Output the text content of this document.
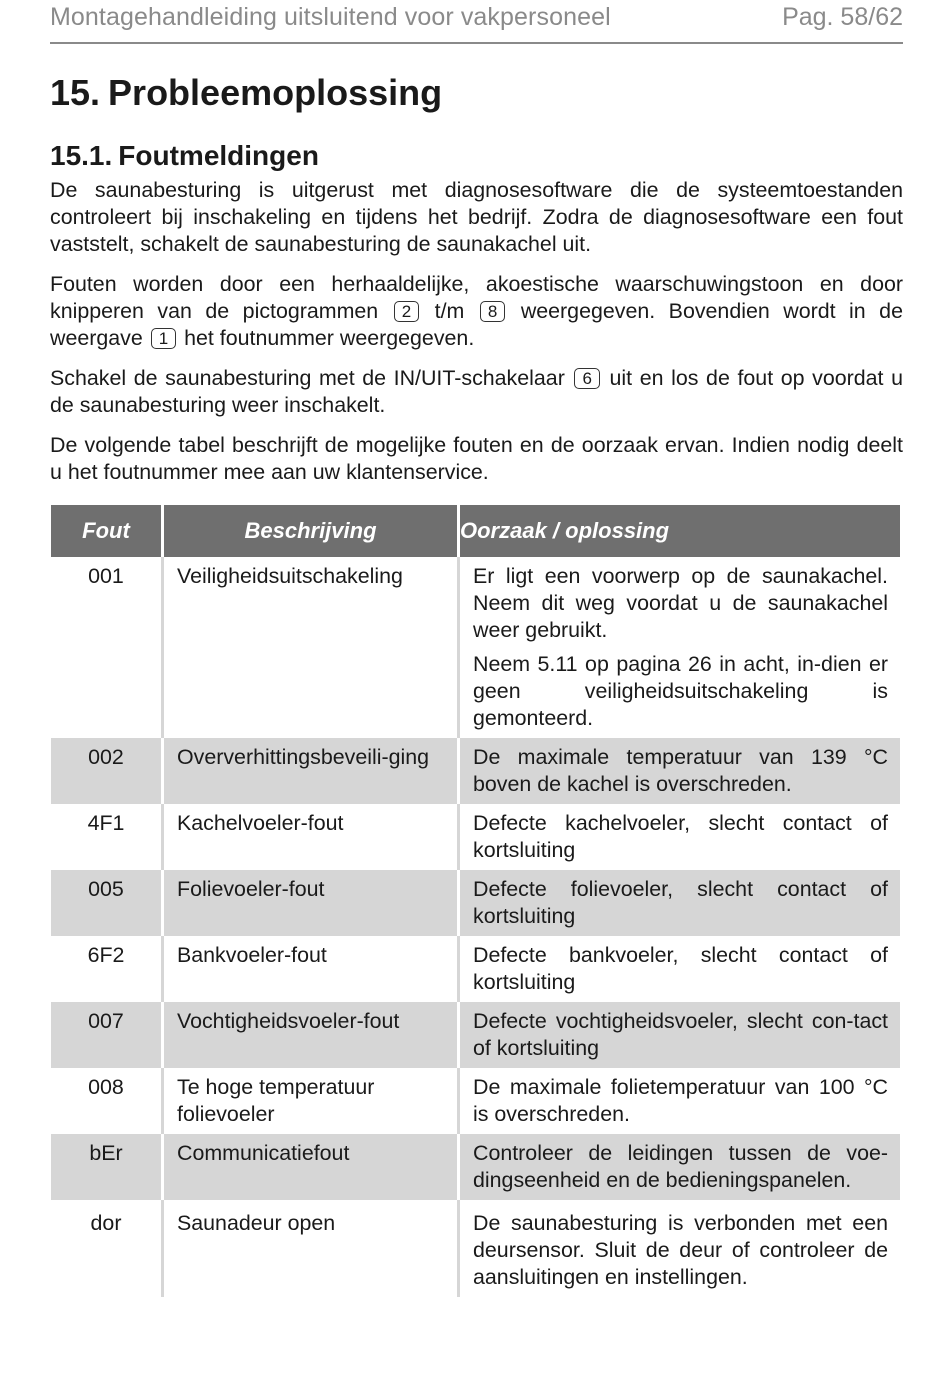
Montagehandleiding uitsluitend voor vakpersoneel	Pag. 58/62
15. Probleemoplossing
15.1. Foutmeldingen

De saunabesturing is uitgerust met diagnosesoftware die de systeemtoestanden controleert bij inschakeling en tijdens het bedrijf. Zodra de diagnosesoftware een fout vaststelt, schakelt de saunabesturing de saunakachel uit.

Fouten worden door een herhaaldelijke, akoestische waarschuwingstoon en door knipperen van de pictogrammen 2 t/m 8 weergegeven. Bovendien wordt in de weergave 1 het foutnummer weergegeven.

Schakel de saunabesturing met de IN/UIT-schakelaar 6 uit en los de fout op voordat u de saunabesturing weer inschakelt.

De volgende tabel beschrijft de mogelijke fouten en de oorzaak ervan. Indien nodig deelt u het foutnummer mee aan uw klantenservice.

Fout	Beschrijving	Oorzaak / oplossing

001	Veiligheidsuitschakeling	Er ligt een voorwerp op de saunakachel. Neem dit weg voordat u de saunakachel weer gebruikt.
Neem 5.11 op pagina 26 in acht, in-dien er geen veiligheidsuitschakeling is gemonteerd.

002	Oververhittingsbeveili-ging	De maximale temperatuur van 139 °C boven de kachel is overschreden.

4F1	Kachelvoeler-fout	Defecte kachelvoeler, slecht contact of kortsluiting

005	Folievoeler-fout	Defecte folievoeler, slecht contact of kortsluiting

6F2	Bankvoeler-fout	Defecte bankvoeler, slecht contact of kortsluiting

007	Vochtigheidsvoeler-fout	Defecte vochtigheidsvoeler, slecht con-tact of kortsluiting

008	Te hoge temperatuur folievoeler	De maximale folietemperatuur van 100 °C is overschreden.

bEr	Communicatiefout	Controleer de leidingen tussen de voe-dingseenheid en de bedieningspanelen.

dor	Saunadeur open	De saunabesturing is verbonden met een deursensor. Sluit de deur of controleer de aansluitingen en instellingen.
